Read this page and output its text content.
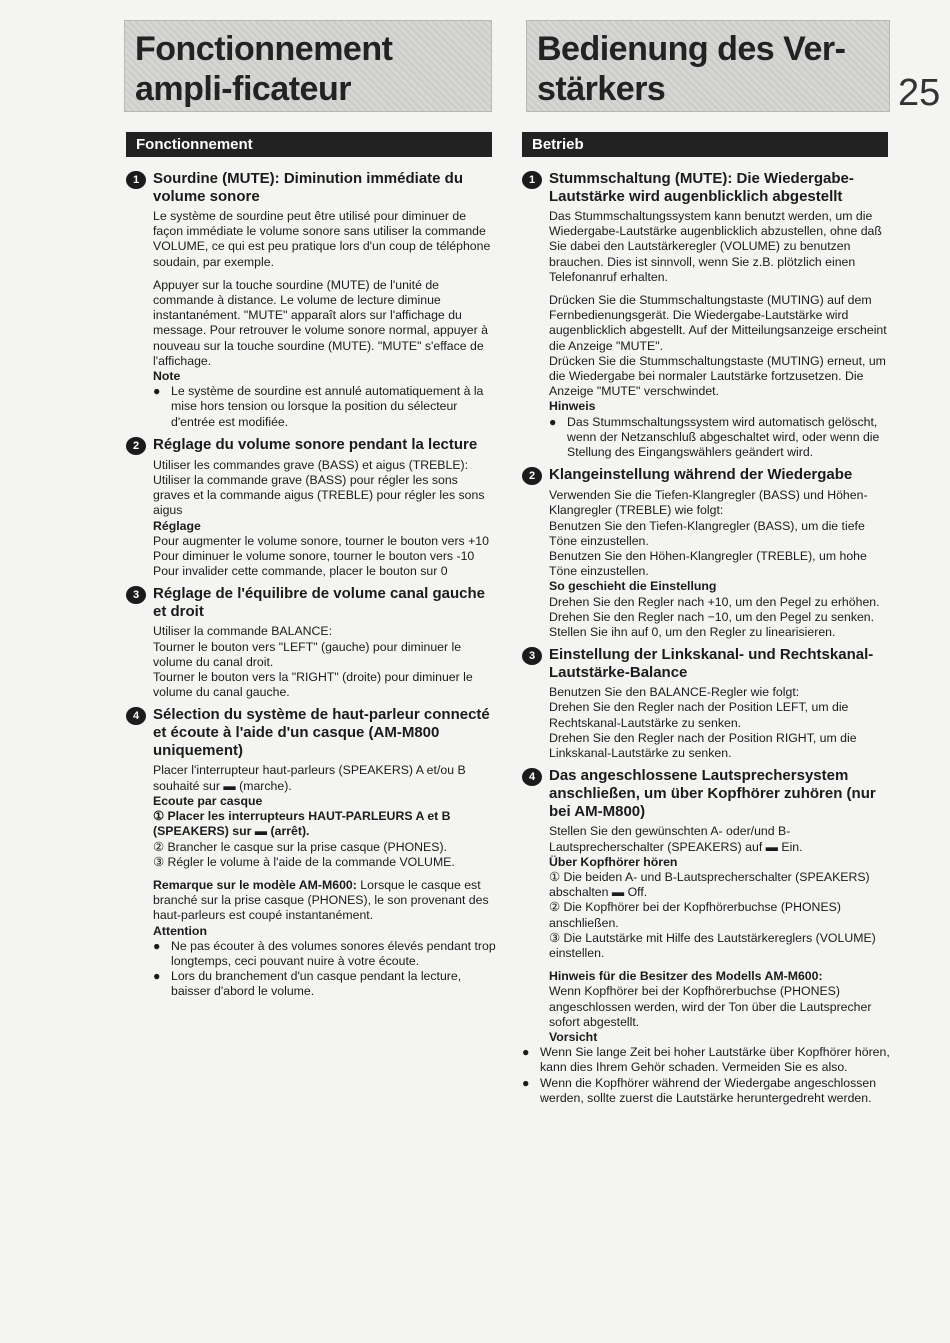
Fonctionnement ampli-ficateur
Bedienung des Ver-stärkers	25
Fonctionnement	Betrieb
1 Sourdine (MUTE): Diminution immédiate du volume sonore

Le système de sourdine peut être utilisé pour diminuer de façon immédiate le volume sonore sans utiliser la commande VOLUME, ce qui est peu pratique lors d'un coup de téléphone soudain, par exemple.

Appuyer sur la touche sourdine (MUTE) de l'unité de commande à distance. Le volume de lecture diminue instantanément. "MUTE" apparaît alors sur l'affichage du message. Pour retrouver le volume sonore normal, appuyer à nouveau sur la touche sourdine (MUTE). "MUTE" s'efface de l'affichage.

Note
● Le système de sourdine est annulé automatiquement à la mise hors tension ou lorsque la position du sélecteur d'entrée est modifiée.
2 Réglage du volume sonore pendant la lecture
Utiliser les commandes grave (BASS) et aigus (TREBLE): Utiliser la commande grave (BASS) pour régler les sons graves et la commande aigus (TREBLE) pour régler les sons aigus
Réglage
Pour augmenter le volume sonore, tourner le bouton vers +10
Pour diminuer le volume sonore, tourner le bouton vers -10
Pour invalider cette commande, placer le bouton sur 0
3 Réglage de l'équilibre de volume canal gauche et droit
Utiliser la commande BALANCE:
Tourner le bouton vers "LEFT" (gauche) pour diminuer le volume du canal droit.
Tourner le bouton vers la "RIGHT" (droite) pour diminuer le volume du canal gauche.
4 Sélection du système de haut-parleur connecté et écoute à l'aide d'un casque (AM-M800 uniquement)
Placer l'interrupteur haut-parleurs (SPEAKERS) A et/ou B souhaité sur ▬ (marche).
Ecoute par casque
① Placer les interrupteurs HAUT-PARLEURS A et B (SPEAKERS) sur ▬ (arrêt).
② Brancher le casque sur la prise casque (PHONES).
③ Régler le volume à l'aide de la commande VOLUME.
Remarque sur le modèle AM-M600: Lorsque le casque est branché sur la prise casque (PHONES), le son provenant des haut-parleurs est coupé instantanément.
Attention
● Ne pas écouter à des volumes sonores élevés pendant trop longtemps, ceci pouvant nuire à votre écoute.
● Lors du branchement d'un casque pendant la lecture, baisser d'abord le volume.
1 Stummschaltung (MUTE): Die Wiedergabe-Lautstärke wird augenblicklich abgestellt

Das Stummschaltungssystem kann benutzt werden, um die Wiedergabe-Lautstärke augenblicklich abzustellen, ohne daß Sie dabei den Lautstärkeregler (VOLUME) zu benutzen brauchen. Dies ist sinnvoll, wenn Sie z.B. plötzlich einen Telefonanruf erhalten.

Drücken Sie die Stummschaltungstaste (MUTING) auf dem Fernbedienungsgerät. Die Wiedergabe-Lautstärke wird augenblicklich abgestellt. Auf der Mitteilungsanzeige erscheint die Anzeige "MUTE".
Drücken Sie die Stummschaltungstaste (MUTING) erneut, um die Wiedergabe bei normaler Lautstärke fortzusetzen. Die Anzeige "MUTE" verschwindet.
Hinweis
● Das Stummschaltungssystem wird automatisch gelöscht, wenn der Netzanschluß abgeschaltet wird, oder wenn die Stellung des Eingangswählers geändert wird.
2 Klangeinstellung während der Wiedergabe
Verwenden Sie die Tiefen-Klangregler (BASS) und Höhen-Klangregler (TREBLE) wie folgt:
Benutzen Sie den Tiefen-Klangregler (BASS), um die tiefe Töne einzustellen.
Benutzen Sie den Höhen-Klangregler (TREBLE), um hohe Töne einzustellen.
So geschieht die Einstellung
Drehen Sie den Regler nach +10, um den Pegel zu erhöhen.
Drehen Sie den Regler nach −10, um den Pegel zu senken.
Stellen Sie ihn auf 0, um den Regler zu linearisieren.
3 Einstellung der Linkskanal- und Rechtskanal-Lautstärke-Balance
Benutzen Sie den BALANCE-Regler wie folgt:
Drehen Sie den Regler nach der Position LEFT, um die Rechtskanal-Lautstärke zu senken.
Drehen Sie den Regler nach der Position RIGHT, um die Linkskanal-Lautstärke zu senken.
4 Das angeschlossene Lautsprechersystem anschließen, um über Kopfhörer zuhören (nur bei AM-M800)
Stellen Sie den gewünschten A- oder/und B-Lautsprecherschalter (SPEAKERS) auf ▬ Ein.
Über Kopfhörer hören
① Die beiden A- und B-Lautsprecherschalter (SPEAKERS) abschalten ▬ Off.
② Die Kopfhörer bei der Kopfhörerbuchse (PHONES) anschließen.
③ Die Lautstärke mit Hilfe des Lautstärkereglers (VOLUME) einstellen.
Hinweis für die Besitzer des Modells AM-M600:
Wenn Kopfhörer bei der Kopfhörerbuchse (PHONES) angeschlossen werden, wird der Ton über die Lautsprecher sofort abgestellt.
Vorsicht
● Wenn Sie lange Zeit bei hoher Lautstärke über Kopfhörer hören, kann dies Ihrem Gehör schaden. Vermeiden Sie es also.
● Wenn die Kopfhörer während der Wiedergabe angeschlossen werden, sollte zuerst die Lautstärke heruntergedreht werden.
